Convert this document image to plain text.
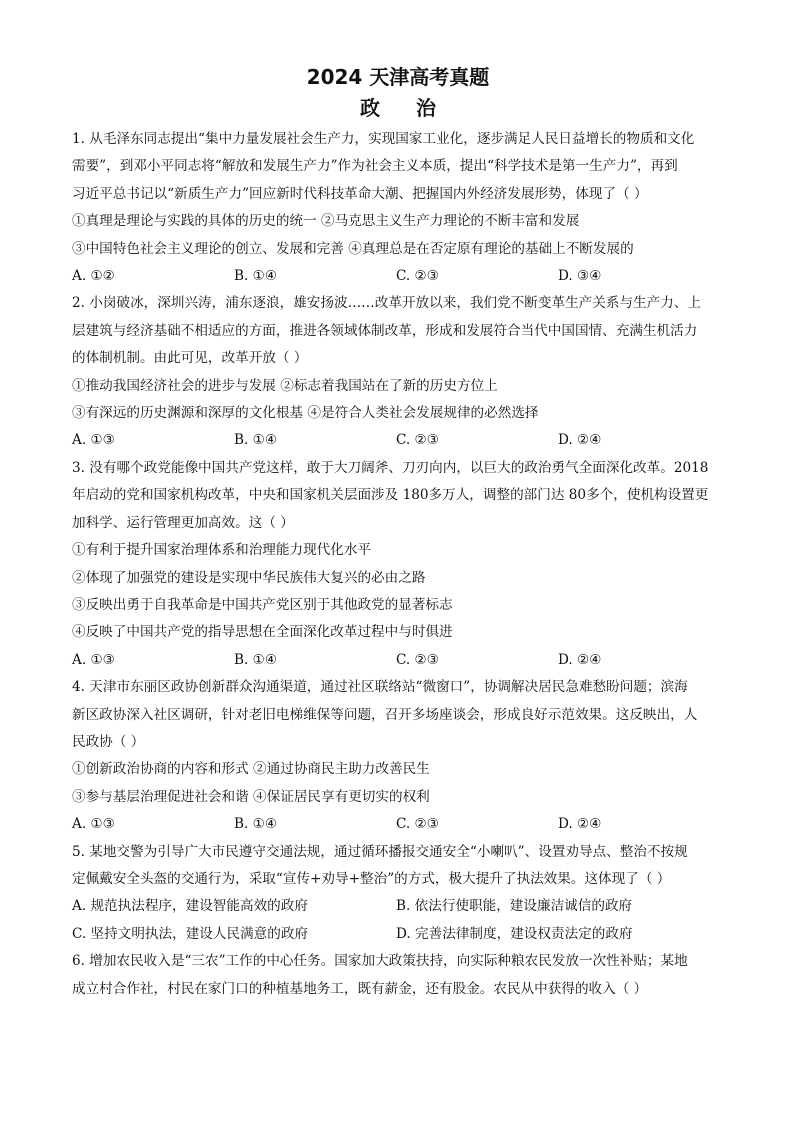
2024 天津高考真题
政治
1. 从毛泽东同志提出“集中力量发展社会生产力，实现国家工业化，逐步满足人民日益增长的物质和文化
需要”，到邓小平同志将“解放和发展生产力”作为社会主义本质，提出“科学技术是第一生产力”，再到
习近平总书记以“新质生产力”回应新时代科技革命大潮、把握国内外经济发展形势，体现了（ ）
①真理是理论与实践的具体的历史的统一 ②马克思主义生产力理论的不断丰富和发展
③中国特色社会主义理论的创立、发展和完善 ④真理总是在否定原有理论的基础上不断发展的
A. ①②	B. ①④	C. ②③	D. ③④
2. 小岗破冰，深圳兴涛，浦东逐浪，雄安扬波……改革开放以来，我们党不断变革生产关系与生产力、上
层建筑与经济基础不相适应的方面，推进各领域体制改革，形成和发展符合当代中国国情、充满生机活力
的体制机制。由此可见，改革开放（ ）
①推动我国经济社会的进步与发展 ②标志着我国站在了新的历史方位上
③有深远的历史渊源和深厚的文化根基 ④是符合人类社会发展规律的必然选择
A. ①③	B. ①④	C. ②③	D. ②④
3. 没有哪个政党能像中国共产党这样，敢于大刀阔斧、刀刃向内，以巨大的政治勇气全面深化改革。2018
年启动的党和国家机构改革，中央和国家机关层面涉及 180多万人，调整的部门达 80多个，使机构设置更
加科学、运行管理更加高效。这（ ）
①有利于提升国家治理体系和治理能力现代化水平
②体现了加强党的建设是实现中华民族伟大复兴的必由之路
③反映出勇于自我革命是中国共产党区别于其他政党的显著标志
④反映了中国共产党的指导思想在全面深化改革过程中与时俱进
A. ①③	B. ①④	C. ②③	D. ②④
4. 天津市东丽区政协创新群众沟通渠道，通过社区联络站“微窗口”，协调解决居民急难愁盼问题；滨海
新区政协深入社区调研，针对老旧电梯维保等问题，召开多场座谈会，形成良好示范效果。这反映出，人
民政协（ ）
①创新政治协商的内容和形式 ②通过协商民主助力改善民生
③参与基层治理促进社会和谐 ④保证居民享有更切实的权利
A. ①③	B. ①④	C. ②③	D. ②④
5. 某地交警为引导广大市民遵守交通法规，通过循环播报交通安全“小喇叭”、设置劝导点、整治不按规
定佩戴安全头盔的交通行为，采取“宣传+劝导+整治”的方式，极大提升了执法效果。这体现了（ ）
A. 规范执法程序，建设智能高效的政府	B. 依法行使职能，建设廉洁诚信的政府
C. 坚持文明执法，建设人民满意的政府	D. 完善法律制度，建设权责法定的政府
6. 增加农民收入是“三农”工作的中心任务。国家加大政策扶持，向实际种粮农民发放一次性补贴；某地
成立村合作社，村民在家门口的种植基地务工，既有薪金，还有股金。农民从中获得的收入（ ）
